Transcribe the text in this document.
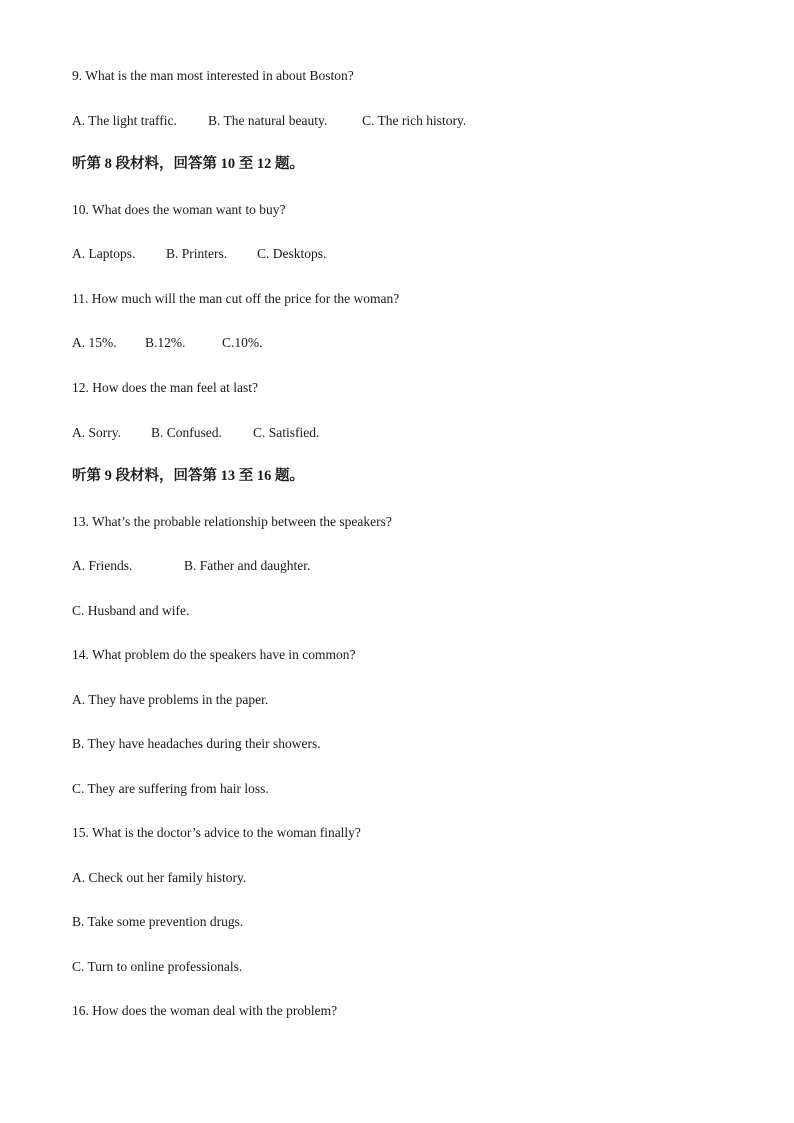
9. What is the man most interested in about Boston?
A. The light traffic. B. The natural beauty.	C. The rich history.
听第 8 段材料，回答第 10 至 12 题。
10. What does the woman want to buy?
A. Laptops. B. Printers. C. Desktops.
11. How much will the man cut off the price for the woman?
A. 15%. B.12%.	C.10%.
12. How does the man feel at last?
A. Sorry. B. Confused. C. Satisfied.
听第 9 段材料，回答第 13 至 16 题。
13. What’s the probable relationship between the speakers?
A. Friends.	B. Father and daughter.
C. Husband and wife.
14. What problem do the speakers have in common?
A. They have problems in the paper.
B. They have headaches during their showers.
C. They are suffering from hair loss.
15. What is the doctor’s advice to the woman finally?
A. Check out her family history.
B. Take some prevention drugs.
C. Turn to online professionals.
16. How does the woman deal with the problem?
